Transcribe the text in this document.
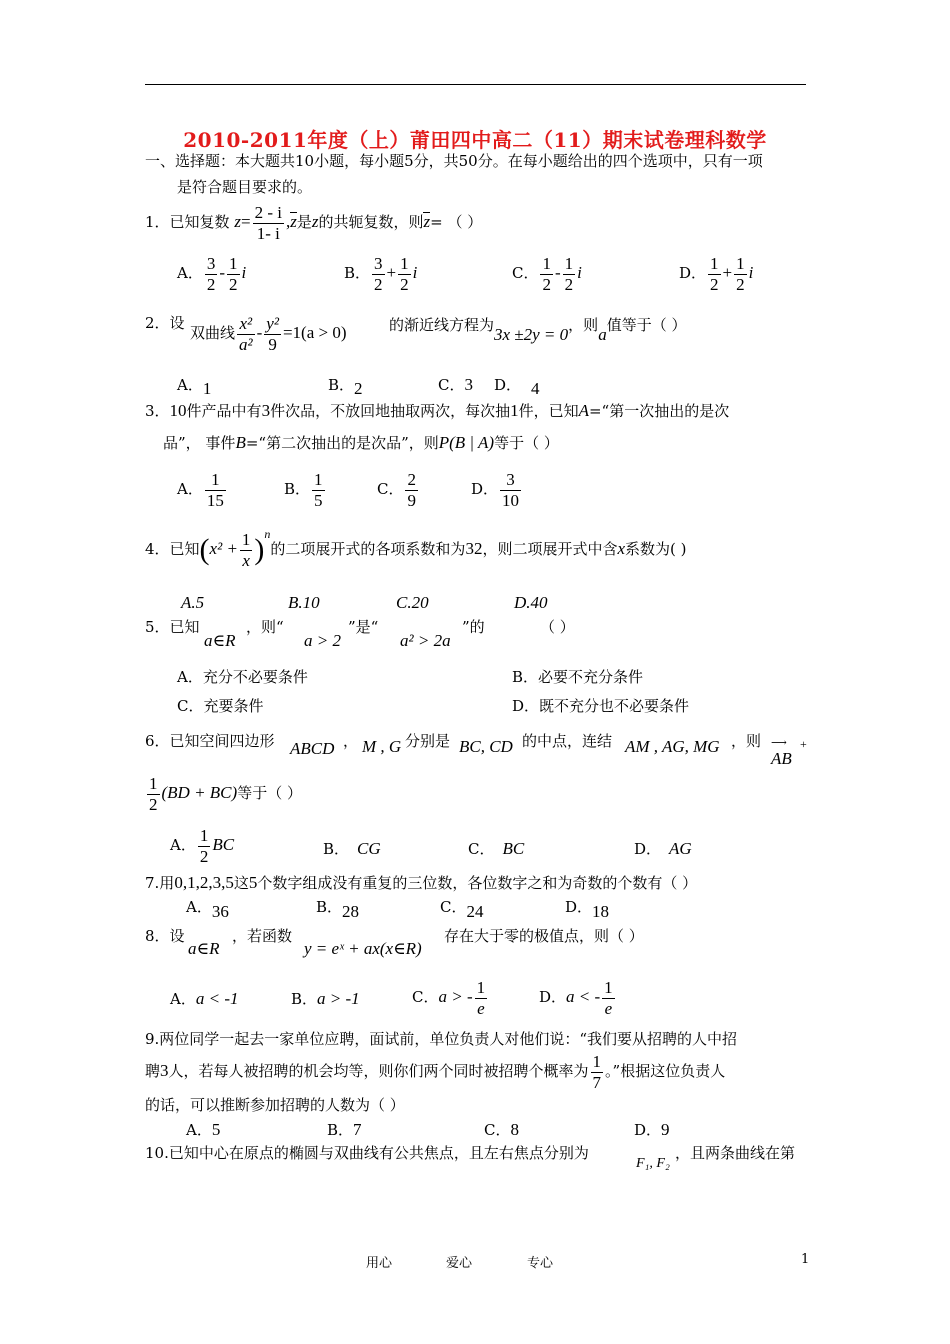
2010-2011年度（上）莆田四中高二（11）期末试卷理科数学
一、选择题：本大题共10小题，每小题5分，共50分。在每小题给出的四个选项中，只有一项
是符合题目要求的。
1．已知复数 $z= \frac{2 - i}{1- i} ,z$是z的共轭复数，则z= （ ）
A． $\frac{3}{2} - \frac{1}{2}$ i	B． $\frac{3}{2} + \frac{1}{2}$ i	C． $\frac{1}{2} - \frac{1}{2}$ i	D． $\frac{1}{2} + \frac{1}{2}$ i
2．设
双曲线 $\frac{\text{x²}}{\text{a²}} - \frac{\text{y²}}{9} =1(a > 0)$	的渐近线方程为3x ±2y = 0，则a值等于（ ）
A．1	B．2	C．3 D． 4
3．10件产品中有3件次品，不放回地抽取两次，每次抽1件，已知A=“第一次抽出的是次
品”， 事件B=“第二次抽出的是次品”，则P(B | A)等于（ ）
A． $\frac{1}{15}$	B． $\frac{1}{5}$	C． $\frac{2}{9}$	D． $\frac{3}{10}$
4．已知$(x^2 + \frac{1}{x} )^n$的二项展开式的各项系数和为32，则二项展开式中含x系数为( )
A.5	B.10	C.20	D.40
5．已知
a∈R
，则“
a > 2
”是“
a² > 2a
”的	（ ）
A．充分不必要条件	B．必要不充分条件
C．充要条件	D．既不充分也不必要条件
6．已知空间四边形 ABCD ， M , G 分别是 BC, CD 的中点，连结 AM , AG, MG ，则 ⟶
AB
+
$\frac{1}{2} (BD + BC)$等于（ ）
A． $\frac{1}{2}$ BC	B． CG	C． BC	D． AG
7.用0,1,2,3,5这5个数字组成没有重复的三位数，各位数字之和为奇数的个数有（ ）
A．36	B．28	C．24	D．18
8．设
a∈R
，若函数
y = eˣ + ax(x∈R)
存在大于零的极值点，则（ ）
A．a < -1	B．a > -1	C．a > - $\frac{1}{e}$	D．a < - $\frac{1}{e}$
9.两位同学一起去一家单位应聘，面试前，单位负责人对他们说：“我们要从招聘的人中招
聘3人，若每人被招聘的机会均等，则你们两个同时被招聘个概率为 $\frac{1}{7}$ 。”根据这位负责人
的话，可以推断参加招聘的人数为（ ）
A．5	B．7	C．8	D．9
10.已知中心在原点的椭圆与双曲线有公共焦点，且左右焦点分别为
F₁, F₂
，且两条曲线在第
用心	爱心	专心	1
